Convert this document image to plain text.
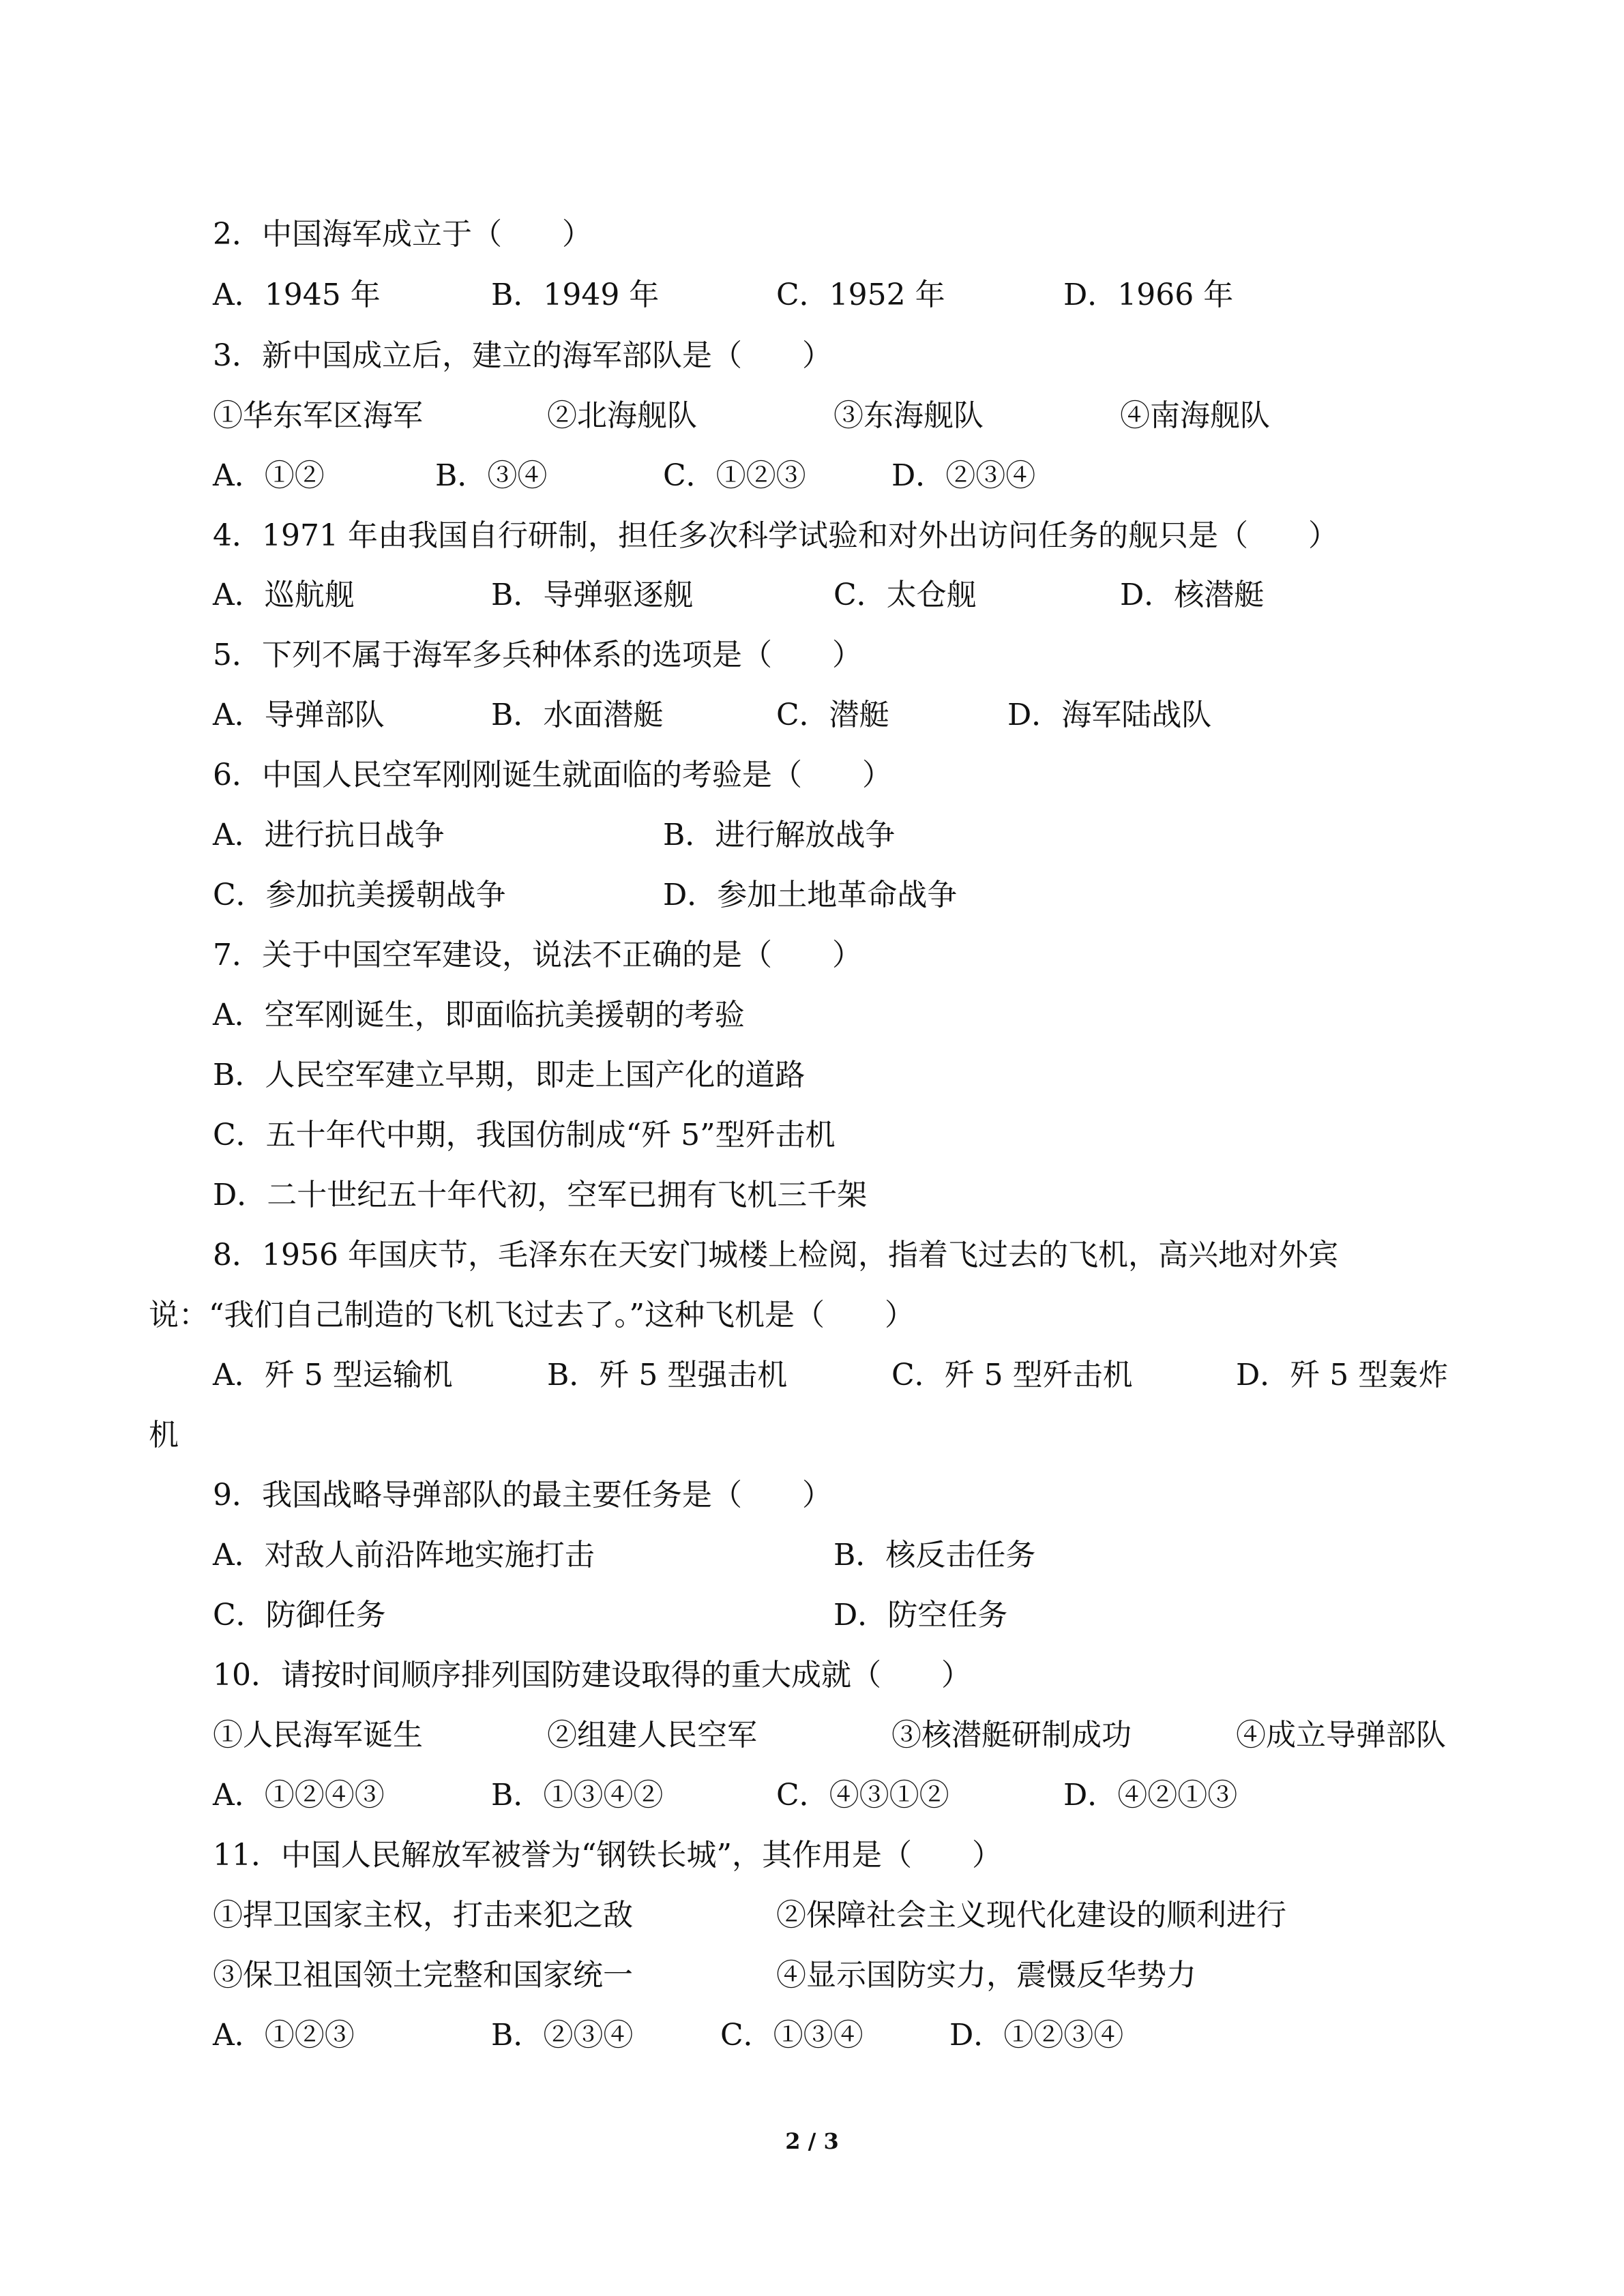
2．中国海军成立于（　　）
A．1945 年	B．1949 年	C．1952 年	D．1966 年
3．新中国成立后，建立的海军部队是（　　）
①华东军区海军	②北海舰队	③东海舰队	④南海舰队
A．①②	B．③④	C．①②③	D．②③④
4．1971 年由我国自行研制，担任多次科学试验和对外出访问任务的舰只是（　　）
A．巡航舰	B．导弹驱逐舰	C．太仓舰	D．核潜艇
5．下列不属于海军多兵种体系的选项是（　　）
A．导弹部队	B．水面潜艇	C．潜艇	D．海军陆战队
6．中国人民空军刚刚诞生就面临的考验是（　　）
A．进行抗日战争	B．进行解放战争
C．参加抗美援朝战争	D．参加土地革命战争
7．关于中国空军建设，说法不正确的是（　　）
A．空军刚诞生，即面临抗美援朝的考验
B．人民空军建立早期，即走上国产化的道路
C．五十年代中期，我国仿制成“歼 5”型歼击机
D．二十世纪五十年代初，空军已拥有飞机三千架
8．1956 年国庆节，毛泽东在天安门城楼上检阅，指着飞过去的飞机，高兴地对外宾
说：“我们自己制造的飞机飞过去了。”这种飞机是（　　）
A．歼 5 型运输机	B．歼 5 型强击机	C．歼 5 型歼击机	D．歼 5 型轰炸
机
9．我国战略导弹部队的最主要任务是（　　）
A．对敌人前沿阵地实施打击	B．核反击任务
C．防御任务	D．防空任务
10．请按时间顺序排列国防建设取得的重大成就（　　）
①人民海军诞生	②组建人民空军	③核潜艇研制成功	④成立导弹部队
A．①②④③	B．①③④②	C．④③①②	D．④②①③
11．中国人民解放军被誉为“钢铁长城”，其作用是（　　）
①捍卫国家主权，打击来犯之敌	②保障社会主义现代化建设的顺利进行
③保卫祖国领土完整和国家统一	④显示国防实力，震慑反华势力
A．①②③	B．②③④	C．①③④	D．①②③④
2 / 3
